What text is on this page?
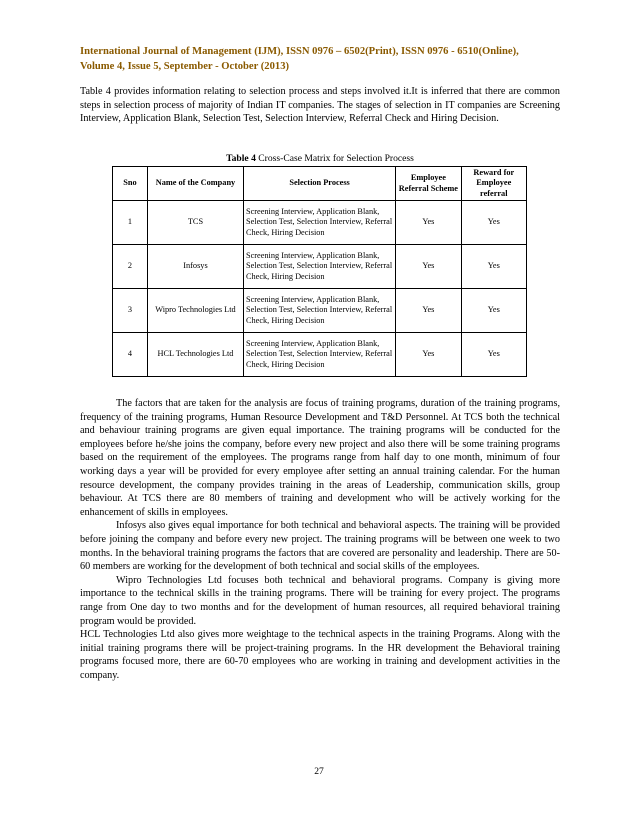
International Journal of Management (IJM), ISSN 0976 – 6502(Print), ISSN 0976 - 6510(Online),
Volume 4, Issue 5, September - October (2013)
Table 4 provides information relating to selection process and steps involved it.It is inferred that there are common steps in selection process of majority of Indian IT companies. The stages of selection in IT companies are Screening Interview, Application Blank, Selection Test, Selection Interview, Referral Check and Hiring Decision.
Table 4 Cross-Case Matrix for Selection Process
Sno	Name of the Company	Selection Process	Employee Referral Scheme	Reward for Employee referral
1	TCS	Screening Interview, Application Blank, Selection Test, Selection Interview, Referral Check, Hiring Decision	Yes	Yes
2	Infosys	Screening Interview, Application Blank, Selection Test, Selection Interview, Referral Check, Hiring Decision	Yes	Yes
3	Wipro Technologies Ltd	Screening Interview, Application Blank, Selection Test, Selection Interview, Referral Check, Hiring Decision	Yes	Yes
4	HCL Technologies Ltd	Screening Interview, Application Blank, Selection Test, Selection Interview, Referral Check, Hiring Decision	Yes	Yes

The factors that are taken for the analysis are focus of training programs, duration of the training programs, frequency of the training programs, Human Resource Development and T&D Personnel. At TCS both the technical and behaviour training programs are given equal importance. The training programs will be conducted for the employees before he/she joins the company, before every new project and also there will be some training programs based on the requirement of the employees. The programs range from half day to one month, minimum of four working days a year will be provided for every employee after setting an annual training calendar. For the human resource development, the company provides training in the areas of Leadership, communication skills, group behaviour. At TCS there are 80 members of training and development who will be actively working for the enhancement of skills in employees.

Infosys also gives equal importance for both technical and behavioral aspects. The training will be provided before joining the company and before every new project. The training programs will be between one week to two months. In the behavioral training programs the factors that are covered are personality and leadership. There are 50-60 members are working for the development of both technical and social skills of the employees.

Wipro Technologies Ltd focuses both technical and behavioral programs. Company is giving more importance to the technical skills in the training programs. There will be training for every project. The programs range from One day to two months and for the development of human resources, all required behavioral training program would be provided.

HCL Technologies Ltd also gives more weightage to the technical aspects in the training Programs. Along with the initial training programs there will be project-training programs. In the HR development the Behavioral training programs focused more, there are 60-70 employees who are working in training and development activities in the company.

27
